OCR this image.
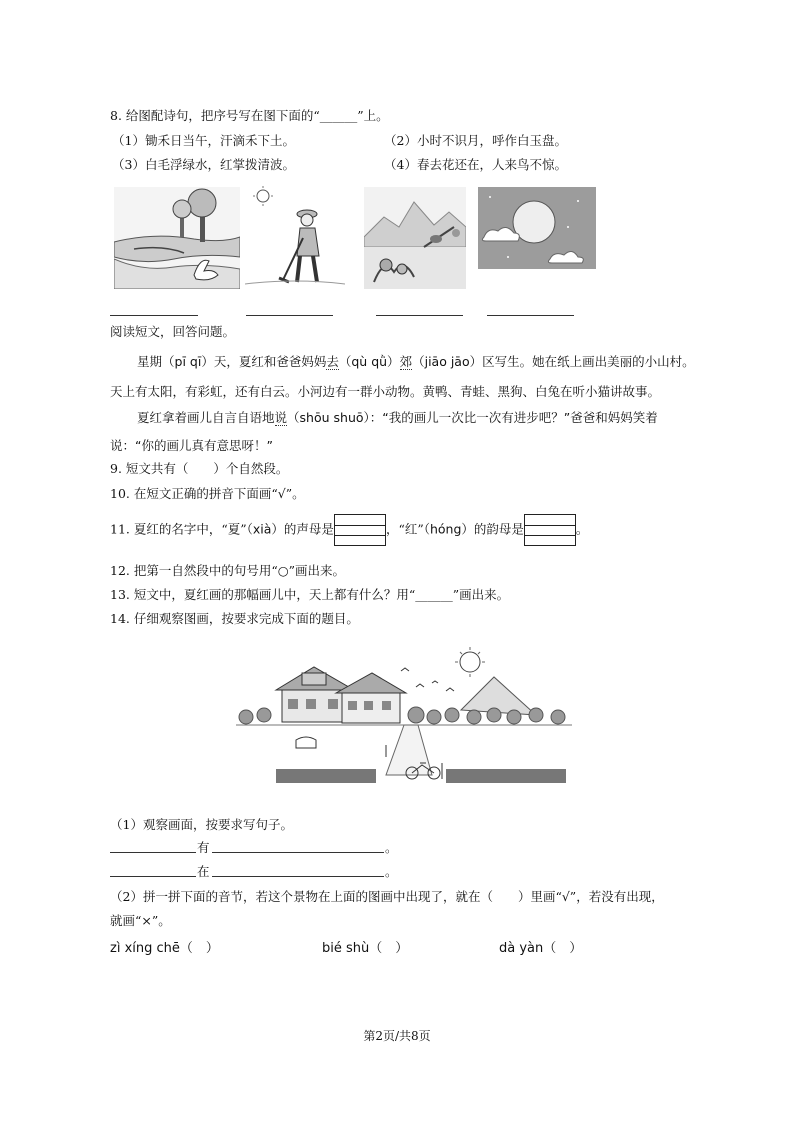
8. 给图配诗句，把序号写在图下面的“______”上。
（1）锄禾日当午，汗滴禾下土。	（2）小时不识月，呼作白玉盘。
（3）白毛浮绿水，红掌拨清波。	（4）春去花还在，人来鸟不惊。
阅读短文，回答问题。
星期（pī qī）天，夏红和爸爸妈妈去（qù qǜ）郊（jiāo jāo）区写生。她在纸上画出美丽的小山村。
天上有太阳，有彩虹，还有白云。小河边有一群小动物。黄鸭、青蛙、黑狗、白兔在听小猫讲故事。
夏红拿着画儿自言自语地说（shōu shuō）：“我的画儿一次比一次有进步吧？”爸爸和妈妈笑着
说：“你的画儿真有意思呀！”
9. 短文共有（　　）个自然段。
10. 在短文正确的拼音下面画“√”。
11. 夏红的名字中，“夏”（xià）的声母是	，“红”（hóng）的韵母是	。
12. 把第一自然段中的句号用“○”画出来。
13. 短文中，夏红画的那幅画儿中，天上都有什么？用“______”画出来。
14. 仔细观察图画，按要求完成下面的题目。
（1）观察画面，按要求写句子。
有	。
在	。
（2）拼一拼下面的音节，若这个景物在上面的图画中出现了，就在（　　）里画“√”，若没有出现，
就画“×”。
zì xíng chē（　）	bié shù（　）	dà yàn（　）
第2页/共8页
